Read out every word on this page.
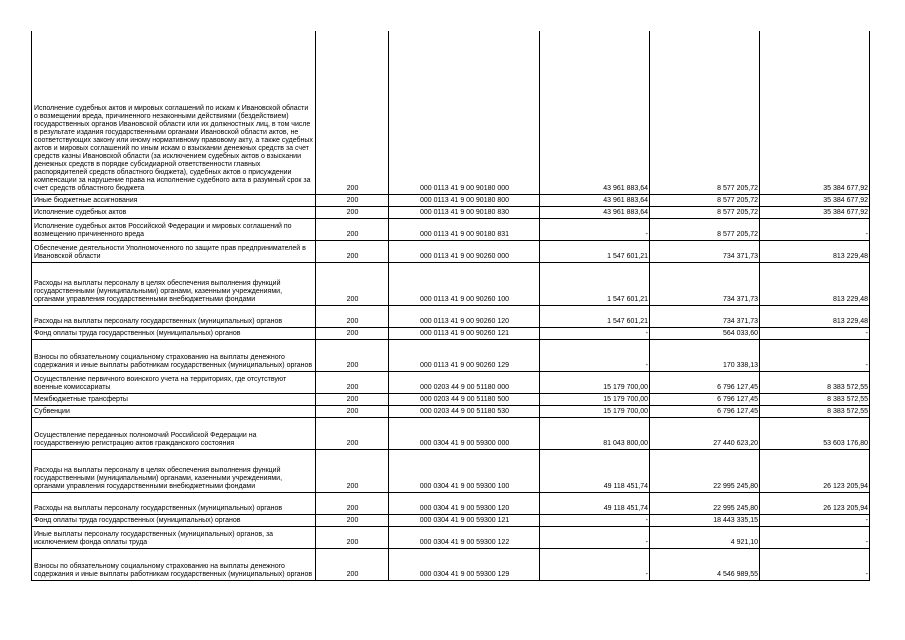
Исполнение судебных актов и мировых соглашений по искам к Ивановской области о возмещении вреда, причиненного незаконными действиями (бездействием) государственных органов Ивановской области или их должностных лиц, в том числе в результате издания государственными органами Ивановской области актов, не соответствующих закону или иному нормативному правовому акту, а также судебных актов и мировых соглашений по иным искам о взыскании денежных средств за счет средств казны Ивановской области (за исключением судебных актов о взыскании денежных средств в порядке субсидиарной ответственности главных распорядителей средств областного бюджета), судебных актов о присуждении компенсации за нарушение права на исполнение судебного акта в разумный срок за счет средств областного бюджета	200	000 0113 41 9 00 90180 000	43 961 883,64	8 577 205,72	35 384 677,92
Иные бюджетные ассигнования	200	000 0113 41 9 00 90180 800	43 961 883,64	8 577 205,72	35 384 677,92
Исполнение судебных актов	200	000 0113 41 9 00 90180 830	43 961 883,64	8 577 205,72	35 384 677,92
Исполнение судебных актов Российской Федерации и мировых соглашений по возмещению причиненного вреда	200	000 0113 41 9 00 90180 831	-	8 577 205,72	-
Обеспечение деятельности Уполномоченного по защите прав предпринимателей в Ивановской области	200	000 0113 41 9 00 90260 000	1 547 601,21	734 371,73	813 229,48
Расходы на выплаты персоналу в целях обеспечения выполнения функций государственными (муниципальными) органами, казенными учреждениями, органами управления государственными внебюджетными фондами	200	000 0113 41 9 00 90260 100	1 547 601,21	734 371,73	813 229,48
Расходы на выплаты персоналу государственных (муниципальных) органов	200	000 0113 41 9 00 90260 120	1 547 601,21	734 371,73	813 229,48
Фонд оплаты труда государственных (муниципальных) органов	200	000 0113 41 9 00 90260 121	-	564 033,60	-
Взносы по обязательному социальному страхованию на выплаты денежного содержания и иные выплаты работникам государственных (муниципальных) органов	200	000 0113 41 9 00 90260 129	-	170 338,13	-
Осуществление первичного воинского учета на территориях, где отсутствуют военные комиссариаты	200	000 0203 44 9 00 51180 000	15 179 700,00	6 796 127,45	8 383 572,55
Межбюджетные трансферты	200	000 0203 44 9 00 51180 500	15 179 700,00	6 796 127,45	8 383 572,55
Субвенции	200	000 0203 44 9 00 51180 530	15 179 700,00	6 796 127,45	8 383 572,55
Осуществление переданных полномочий Российской Федерации на государственную регистрацию актов гражданского состояния	200	000 0304 41 9 00 59300 000	81 043 800,00	27 440 623,20	53 603 176,80
Расходы на выплаты персоналу в целях обеспечения выполнения функций государственными (муниципальными) органами, казенными учреждениями, органами управления государственными внебюджетными фондами	200	000 0304 41 9 00 59300 100	49 118 451,74	22 995 245,80	26 123 205,94
Расходы на выплаты персоналу государственных (муниципальных) органов	200	000 0304 41 9 00 59300 120	49 118 451,74	22 995 245,80	26 123 205,94
Фонд оплаты труда государственных (муниципальных) органов	200	000 0304 41 9 00 59300 121	-	18 443 335,15	-
Иные выплаты персоналу государственных (муниципальных) органов, за исключением фонда оплаты труда	200	000 0304 41 9 00 59300 122	-	4 921,10	-
Взносы по обязательному социальному страхованию на выплаты денежного содержания и иные выплаты работникам государственных (муниципальных) органов	200	000 0304 41 9 00 59300 129	-	4 546 989,55	-
